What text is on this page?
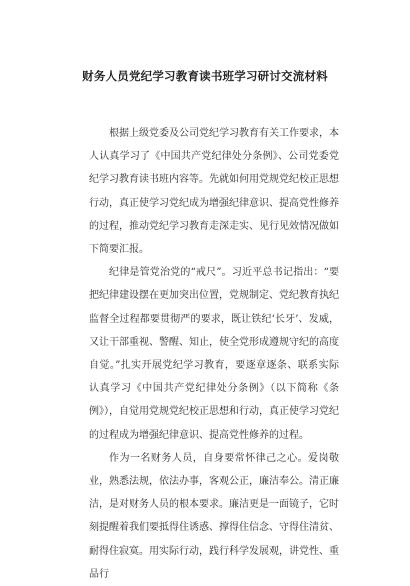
财务人员党纪学习教育读书班学习研讨交流材料

根据上级党委及公司党纪学习教育有关工作要求，本人认真学习了《中国共产党纪律处分条例》、公司党委党纪学习教育读书班内容等。先就如何用党规党纪校正思想行动，真正使学习党纪成为增强纪律意识、提高党性修养的过程，推动党纪学习教育走深走实、见行见效情况做如下简要汇报。

纪律是管党治党的“戒尺”。习近平总书记指出：“要把纪律建设摆在更加突出位置，党规制定、党纪教育执纪监督全过程都要贯彻严的要求，既让铁纪‘长牙’、发威，又让干部重视、警醒、知止，使全党形成遵规守纪的高度自觉。”扎实开展党纪学习教育，要逐章逐条、联系实际认真学习《中国共产党纪律处分条例》（以下简称《条例》），自觉用党规党纪校正思想和行动，真正使学习党纪的过程成为增强纪律意识、提高党性修养的过程。

作为一名财务人员，自身要常怀律己之心。爱岗敬业，熟悉法规，依法办事，客观公正，廉洁奉公。清正廉洁，是对财务人员的根本要求。廉洁更是一面镜子，它时刻提醒着我们要抵得住诱惑、撑得住信念、守得住清贫、耐得住寂寞。用实际行动，践行科学发展观，讲党性、重品行
